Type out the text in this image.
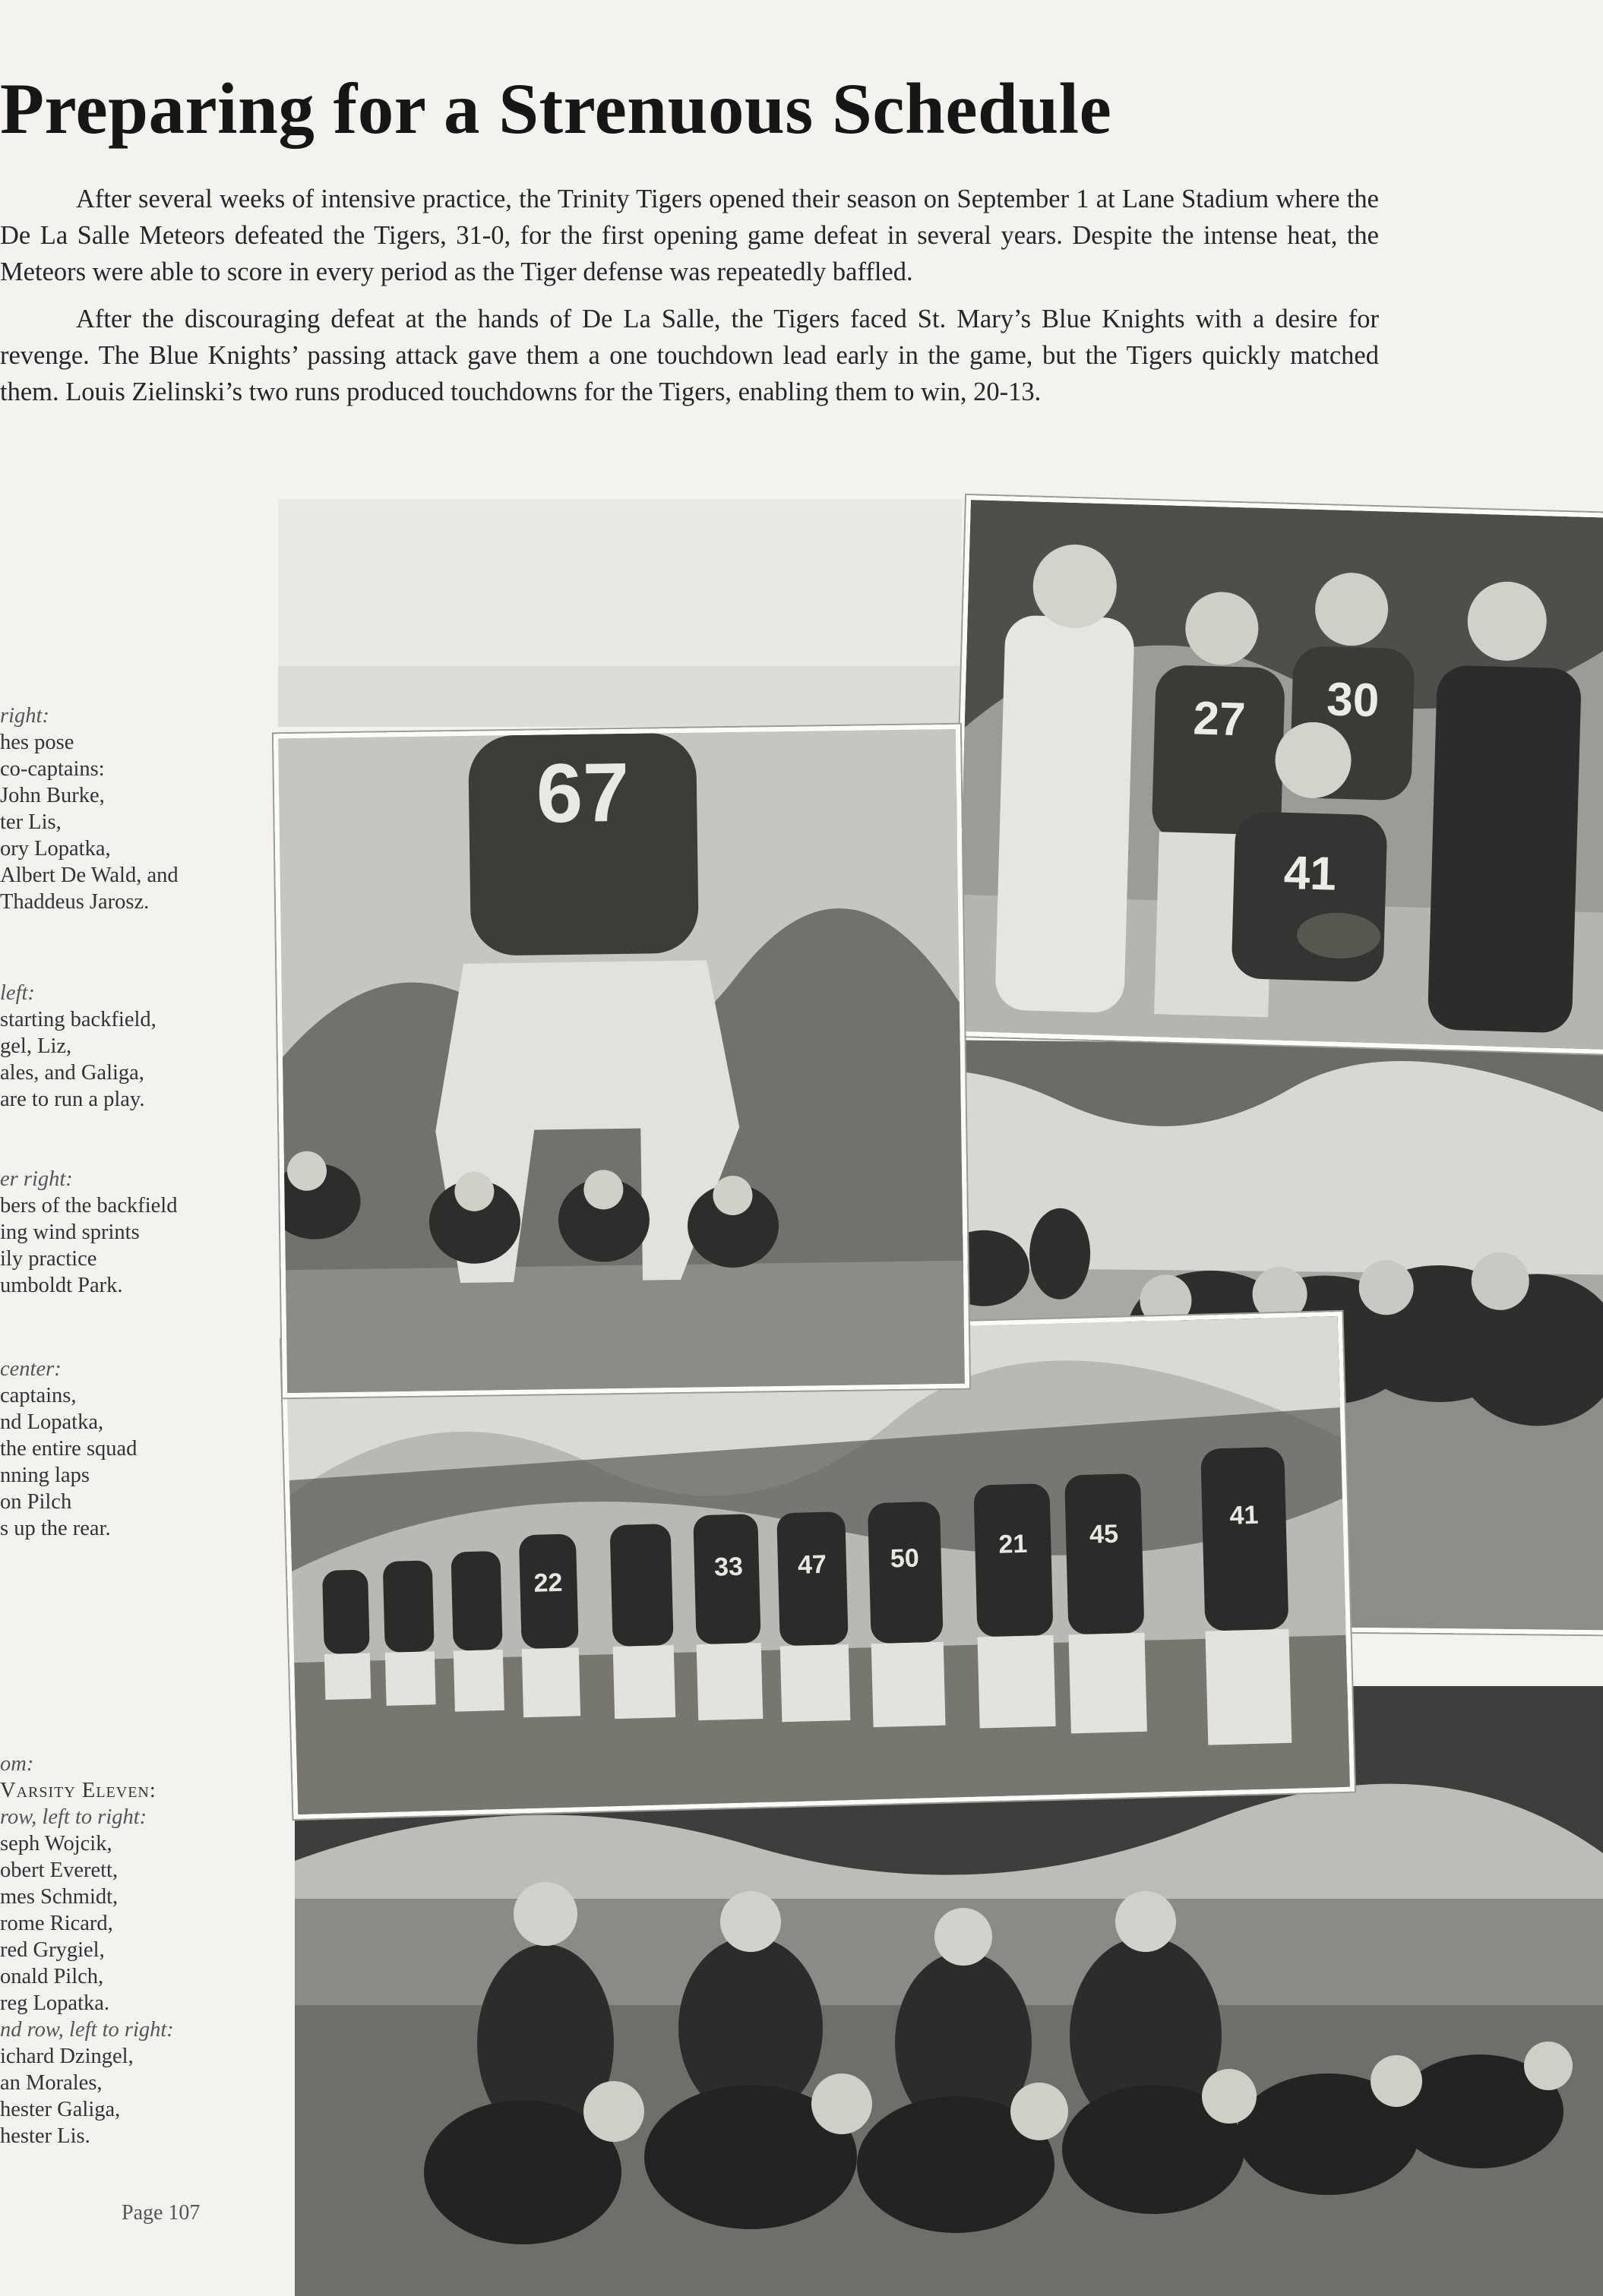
Preparing for a Strenuous Schedule

After several weeks of intensive practice, the Trinity Tigers opened their season on September 1 at Lane Stadium where the De La Salle Meteors defeated the Tigers, 31-0, for the first opening game defeat in several years. Despite the intense heat, the Meteors were able to score in every period as the Tiger defense was repeatedly baffled.

After the discouraging defeat at the hands of De La Salle, the Tigers faced St. Mary’s Blue Knights with a desire for revenge. The Blue Knights’ passing attack gave them a one touchdown lead early in the game, but the Tigers quickly matched them. Louis Zielinski’s two runs produced touchdowns for the Tigers, enabling them to win, 20-13.

right:
hes pose
co-captains:
John Burke,
ter Lis,
ory Lopatka,
Albert De Wald, and
Thaddeus Jarosz.
left:
starting backfield,
gel, Liz,
ales, and Galiga,
are to run a play.
er right:
bers of the backfield
ing wind sprints
ily practice
umboldt Park.
center:
captains,
nd Lopatka,
the entire squad
nning laps
on Pilch
s up the rear.
om:
Varsity Eleven:
row, left to right:
seph Wojcik,
obert Everett,
mes Schmidt,
rome Ricard,
red Grygiel,
onald Pilch,
reg Lopatka.
nd row, left to right:
ichard Dzingel,
an Morales,
hester Galiga,
hester Lis.
Page 107
22
33 47 50	21 45
41
27 30
41
67
